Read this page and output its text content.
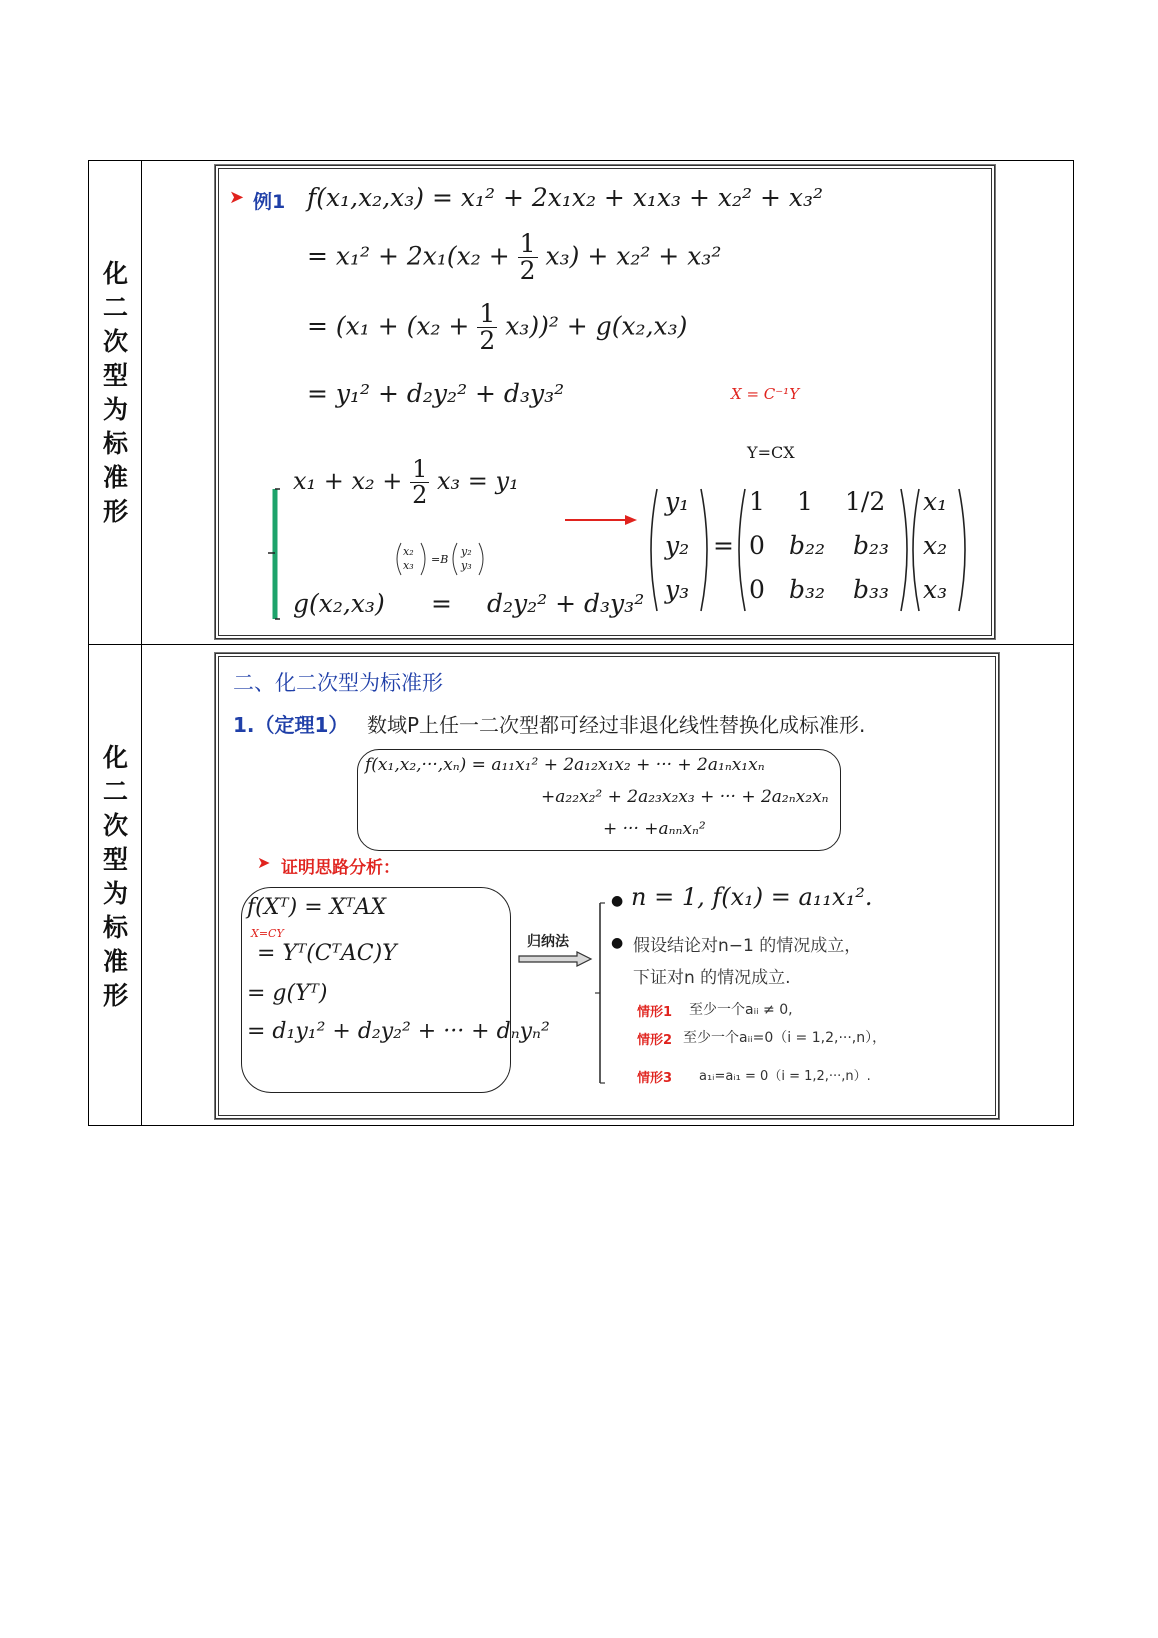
化
二
次
型
为
标
准
形
➤ 例1 f(x₁,x₂,x₃) = x₁² + 2x₁x₂ + x₁x₃ + x₂² + x₃²
= $x_1^2 + 2x_1(x_2 + \frac{1}{2} x_3) + x_2^2 + x_3^2$
= $(x_1 + (x_2 + \frac{1}{2} x_3))^2 + g(x_2,x_3)$
= y₁² + d₂y₂² + d₃y₃²	X = C⁻¹Y
Y=CX
$x_1 + x_2 + \frac{1}{2} x_3 = y_1$
x₂
x₃ =B
y₂
y₃
g(x₂,x₃) = d₂y₂² + d₃y₃²
y₁
y₂
y₃
=
1 1 1/2
0 b₂₂ b₂₃
0 b₃₂ b₃₃
x₁
x₂
x₃
化
二
次
型
为
标
准
形
二、化二次型为标准形
1.（定理1） 数域P上任一二次型都可经过非退化线性替换化成标准形.
f(x₁,x₂,···,xₙ) = a₁₁x₁² + 2a₁₂x₁x₂ + ··· + 2a₁ₙx₁xₙ
+a₂₂x₂² + 2a₂₃x₂x₃ + ··· + 2a₂ₙx₂xₙ
+ ··· +aₙₙxₙ²
➤ 证明思路分析：
f(Xᵀ) = XᵀAX
X=CY
= Yᵀ(CᵀAC)Y
= g(Yᵀ)
= d₁y₁² + d₂y₂² + ··· + dₙyₙ²
归纳法
● n = 1, f(x₁) = a₁₁x₁².
● 假设结论对n−1 的情况成立，
下证对n 的情况成立.
情形1 至少一个aᵢᵢ ≠ 0,
情形2 至少一个aᵢᵢ=0（i = 1,2,···,n），
情形3 a₁ᵢ=aᵢ₁ = 0（i = 1,2,···,n）.
